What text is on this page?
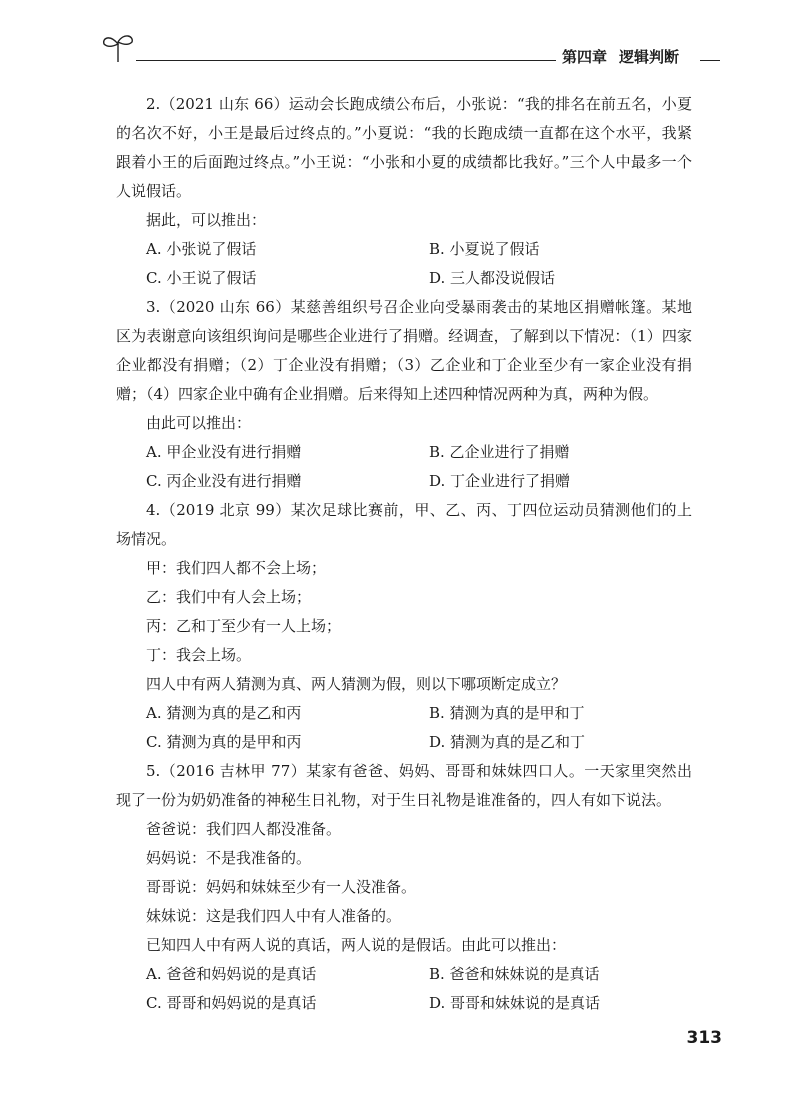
第四章 逻辑判断

2.（2021 山东 66）运动会长跑成绩公布后，小张说：“我的排名在前五名，小夏的名次不好，小王是最后过终点的。”小夏说：“我的长跑成绩一直都在这个水平，我紧跟着小王的后面跑过终点。”小王说：“小张和小夏的成绩都比我好。”三个人中最多一个人说假话。

据此，可以推出：

A. 小张说了假话	B. 小夏说了假话
C. 小王说了假话	D. 三人都没说假话

3.（2020 山东 66）某慈善组织号召企业向受暴雨袭击的某地区捐赠帐篷。某地区为表谢意向该组织询问是哪些企业进行了捐赠。经调查，了解到以下情况：（1）四家企业都没有捐赠；（2）丁企业没有捐赠；（3）乙企业和丁企业至少有一家企业没有捐赠；（4）四家企业中确有企业捐赠。后来得知上述四种情况两种为真，两种为假。

由此可以推出：

A. 甲企业没有进行捐赠	B. 乙企业进行了捐赠
C. 丙企业没有进行捐赠	D. 丁企业进行了捐赠

4.（2019 北京 99）某次足球比赛前，甲、乙、丙、丁四位运动员猜测他们的上场情况。

甲：我们四人都不会上场；

乙：我们中有人会上场；

丙：乙和丁至少有一人上场；

丁：我会上场。

四人中有两人猜测为真、两人猜测为假，则以下哪项断定成立？

A. 猜测为真的是乙和丙	B. 猜测为真的是甲和丁
C. 猜测为真的是甲和丙	D. 猜测为真的是乙和丁

5.（2016 吉林甲 77）某家有爸爸、妈妈、哥哥和妹妹四口人。一天家里突然出现了一份为奶奶准备的神秘生日礼物，对于生日礼物是谁准备的，四人有如下说法。

爸爸说：我们四人都没准备。

妈妈说：不是我准备的。

哥哥说：妈妈和妹妹至少有一人没准备。

妹妹说：这是我们四人中有人准备的。

已知四人中有两人说的真话，两人说的是假话。由此可以推出：

A. 爸爸和妈妈说的是真话	B. 爸爸和妹妹说的是真话
C. 哥哥和妈妈说的是真话	D. 哥哥和妹妹说的是真话
313
